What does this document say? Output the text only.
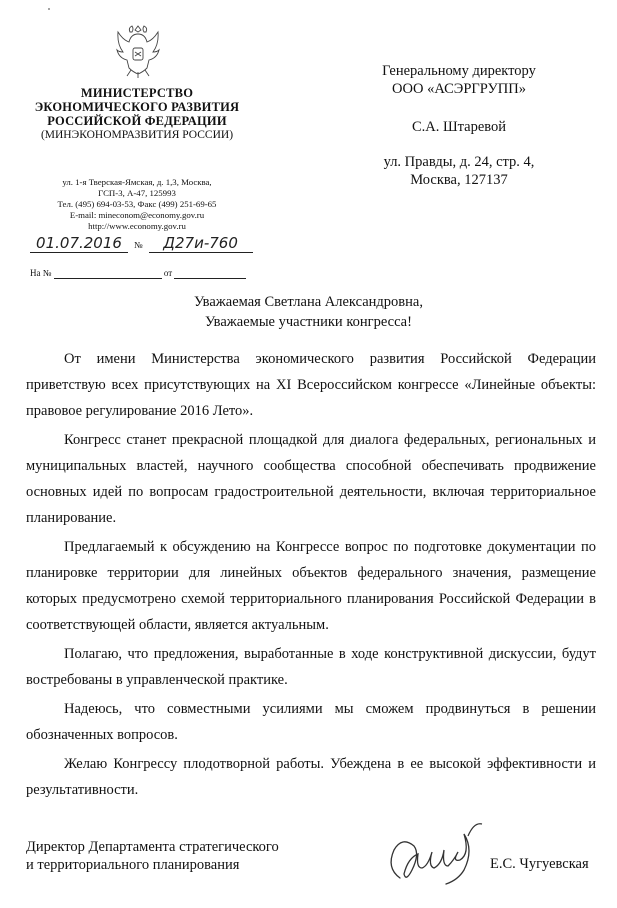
МИНИСТЕРСТВО
ЭКОНОМИЧЕСКОГО РАЗВИТИЯ
РОССИЙСКОЙ ФЕДЕРАЦИИ
(МИНЭКОНОМРАЗВИТИЯ РОССИИ)
ул. 1-я Тверская-Ямская, д. 1,3, Москва,
ГСП-3, А-47, 125993
Тел. (495) 694-03-53, Факс (499) 251-69-65
E-mail: mineconom@economy.gov.ru
http://www.economy.gov.ru
01.07.2016 № Д27и-760
На №	от
Генеральному директору
ООО «АСЭРГРУПП»
С.А. Штаревой
ул. Правды, д. 24, стр. 4,
Москва, 127137
Уважаемая Светлана Александровна,
Уважаемые участники конгресса!

От имени Министерства экономического развития Российской Федерации приветствую всех присутствующих на XI Всероссийском конгрессе «Линейные объекты: правовое регулирование 2016 Лето».

Конгресс станет прекрасной площадкой для диалога федеральных, региональных и муниципальных властей, научного сообщества способной обеспечивать продвижение основных идей по вопросам градостроительной деятельности, включая территориальное планирование.

Предлагаемый к обсуждению на Конгрессе вопрос по подготовке документации по планировке территории для линейных объектов федерального значения, размещение которых предусмотрено схемой территориального планирования Российской Федерации в соответствующей области, является актуальным.

Полагаю, что предложения, выработанные в ходе конструктивной дискуссии, будут востребованы в управленческой практике.

Надеюсь, что совместными усилиями мы сможем продвинуться в решении обозначенных вопросов.

Желаю Конгрессу плодотворной работы. Убеждена в ее высокой эффективности и результативности.

Директор Департамента стратегического
и территориального планирования	Е.С. Чугуевская
